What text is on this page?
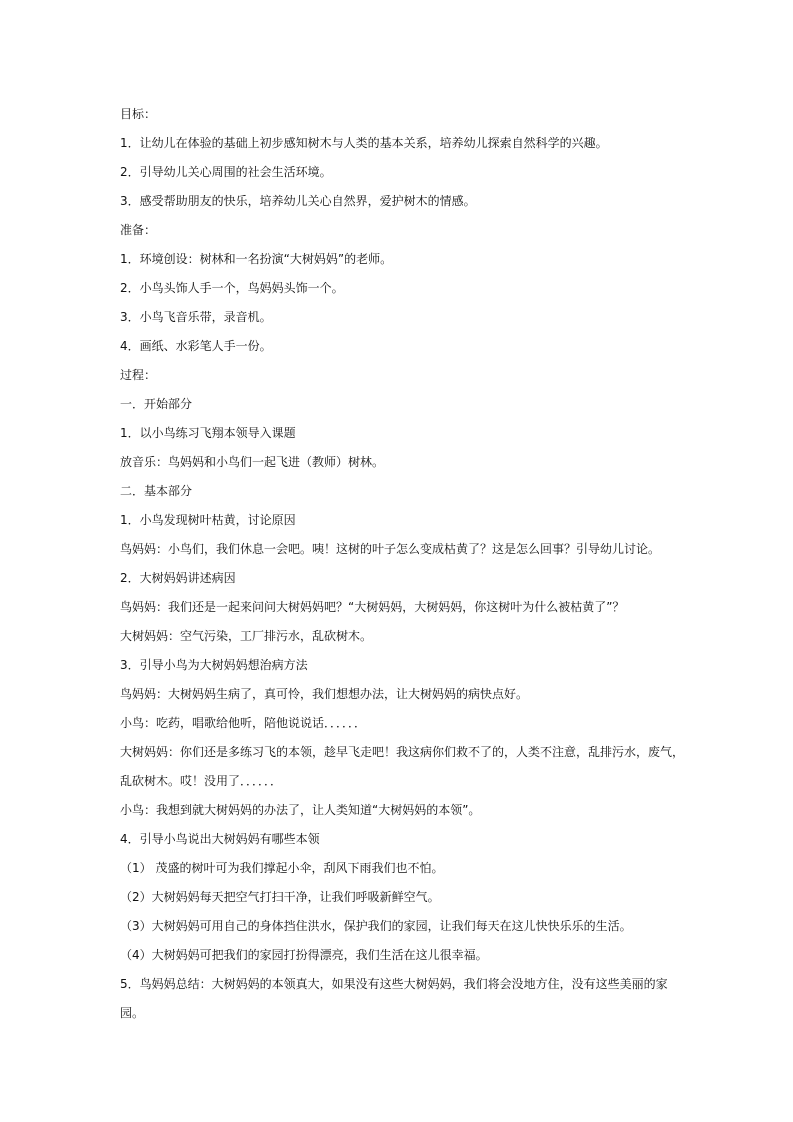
目标：

1．让幼儿在体验的基础上初步感知树木与人类的基本关系，培养幼儿探索自然科学的兴趣。

2．引导幼儿关心周围的社会生活环境。

3．感受帮助朋友的快乐，培养幼儿关心自然界，爱护树木的情感。

准备：

1．环境创设：树林和一名扮演“大树妈妈”的老师。

2．小鸟头饰人手一个，鸟妈妈头饰一个。

3．小鸟飞音乐带，录音机。

4．画纸、水彩笔人手一份。

过程：

一．开始部分

1．以小鸟练习飞翔本领导入课题

放音乐：鸟妈妈和小鸟们一起飞进（教师）树林。

二．基本部分

1．小鸟发现树叶枯黄，讨论原因

鸟妈妈：小鸟们，我们休息一会吧。咦！这树的叶子怎么变成枯黄了？这是怎么回事？引导幼儿讨论。

2．大树妈妈讲述病因

鸟妈妈：我们还是一起来问问大树妈妈吧？“大树妈妈，大树妈妈，你这树叶为什么被枯黄了”？

大树妈妈：空气污染，工厂排污水，乱砍树木。

3．引导小鸟为大树妈妈想治病方法

鸟妈妈：大树妈妈生病了，真可怜，我们想想办法，让大树妈妈的病快点好。

小鸟：吃药，唱歌给他听，陪他说说话．．．．．．

大树妈妈：你们还是多练习飞的本领，趁早飞走吧！我这病你们救不了的，人类不注意，乱排污水，废气，

乱砍树木。哎！没用了．．．．．．

小鸟：我想到就大树妈妈的办法了，让人类知道“大树妈妈的本领”。

4．引导小鸟说出大树妈妈有哪些本领

（1） 茂盛的树叶可为我们撑起小伞，刮风下雨我们也不怕。

（2）大树妈妈每天把空气打扫干净，让我们呼吸新鲜空气。

（3）大树妈妈可用自己的身体挡住洪水，保护我们的家园，让我们每天在这儿快快乐乐的生活。

（4）大树妈妈可把我们的家园打扮得漂亮，我们生活在这儿很幸福。

5．鸟妈妈总结：大树妈妈的本领真大，如果没有这些大树妈妈，我们将会没地方住，没有这些美丽的家

园。
